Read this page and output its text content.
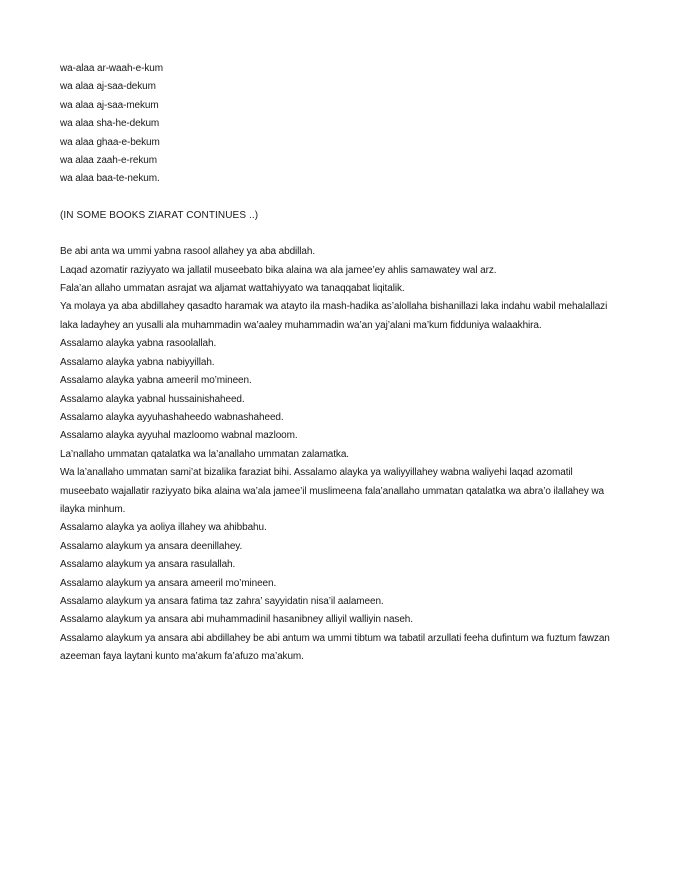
wa-alaa ar-waah-e-kum
wa alaa aj-saa-dekum
wa alaa aj-saa-mekum
wa alaa sha-he-dekum
wa alaa ghaa-e-bekum
wa alaa zaah-e-rekum
wa alaa baa-te-nekum.
(IN SOME BOOKS ZIARAT CONTINUES ..)
Be abi anta wa ummi yabna rasool allahey ya aba abdillah.
Laqad azomatir raziyyato wa jallatil museebato bika alaina wa ala jamee’ey ahlis samawatey wal arz.
Fala’an allaho ummatan asrajat wa aljamat wattahiyyato wa tanaqqabat liqitalik.
Ya molaya ya aba abdillahey qasadto haramak wa atayto ila mash-hadika as’alollaha bishanillazi laka indahu wabil mehalallazi laka ladayhey an yusalli ala muhammadin wa’aaley muhammadin wa’an yaj’alani ma’kum fidduniya walaakhira.
Assalamo alayka yabna rasoolallah.
Assalamo alayka yabna nabiyyillah.
Assalamo alayka yabna ameeril mo’mineen.
Assalamo alayka yabnal hussainishaheed.
Assalamo alayka ayyuhashaheedo wabnashaheed.
Assalamo alayka ayyuhal mazloomo wabnal mazloom.
La’nallaho ummatan qatalatka wa la’anallaho ummatan zalamatka.
Wa la’anallaho ummatan sami’at bizalika faraziat bihi. Assalamo alayka ya waliyyillahey wabna waliyehi laqad azomatil museebato wajallatir raziyyato bika alaina wa’ala jamee’il muslimeena fala’anallaho ummatan qatalatka wa abra’o ilallahey wa ilayka minhum.
Assalamo alayka ya aoliya illahey wa ahibbahu.
Assalamo alaykum ya ansara deenillahey.
Assalamo alaykum ya ansara rasulallah.
Assalamo alaykum ya ansara ameeril mo’mineen.
Assalamo alaykum ya ansara fatima taz zahra’ sayyidatin nisa’il aalameen.
Assalamo alaykum ya ansara abi muhammadinil hasanibney alliyil walliyin naseh.
Assalamo alaykum ya ansara abi abdillahey be abi antum wa ummi tibtum wa tabatil arzullati feeha dufintum wa fuztum fawzan azeeman faya laytani kunto ma’akum fa’afuzo ma’akum.
